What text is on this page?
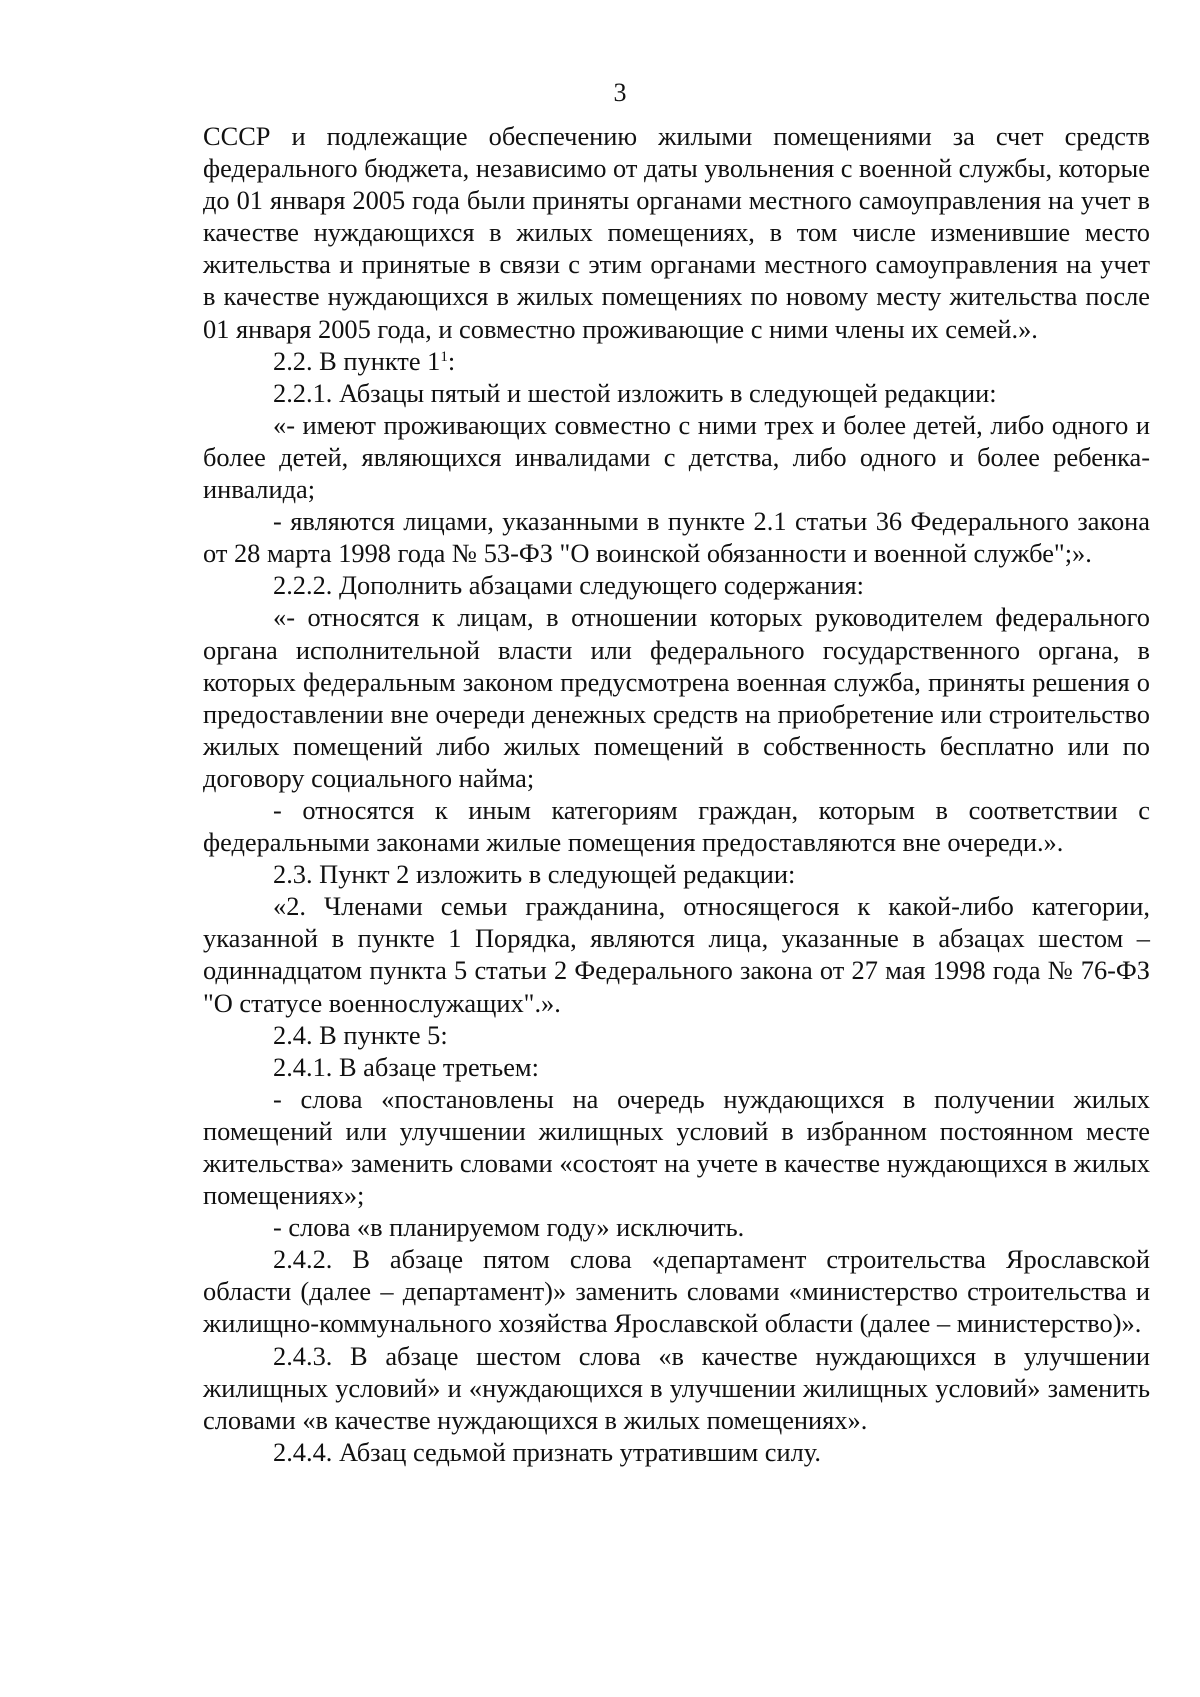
3

СССР и подлежащие обеспечению жилыми помещениями за счет средств федерального бюджета, независимо от даты увольнения с военной службы, которые до 01 января 2005 года были приняты органами местного самоуправления на учет в качестве нуждающихся в жилых помещениях, в том числе изменившие место жительства и принятые в связи с этим органами местного самоуправления на учет в качестве нуждающихся в жилых помещениях по новому месту жительства после 01 января 2005 года, и совместно проживающие с ними члены их семей.».

2.2. В пункте $1^1$:

2.2.1. Абзацы пятый и шестой изложить в следующей редакции:

«- имеют проживающих совместно с ними трех и более детей, либо одного и более детей, являющихся инвалидами с детства, либо одного и более ребенка-инвалида;

- являются лицами, указанными в пункте 2.1 статьи 36 Федерального закона от 28 марта 1998 года № 53-ФЗ "О воинской обязанности и военной службе";».

2.2.2. Дополнить абзацами следующего содержания:

«- относятся к лицам, в отношении которых руководителем федерального органа исполнительной власти или федерального государственного органа, в которых федеральным законом предусмотрена военная служба, приняты решения о предоставлении вне очереди денежных средств на приобретение или строительство жилых помещений либо жилых помещений в собственность бесплатно или по договору социального найма;

- относятся к иным категориям граждан, которым в соответствии с федеральными законами жилые помещения предоставляются вне очереди.».

2.3. Пункт 2 изложить в следующей редакции:

«2. Членами семьи гражданина, относящегося к какой-либо категории, указанной в пункте 1 Порядка, являются лица, указанные в абзацах шестом – одиннадцатом пункта 5 статьи 2 Федерального закона от 27 мая 1998 года № 76-ФЗ "О статусе военнослужащих".».

2.4. В пункте 5:

2.4.1. В абзаце третьем:

- слова «постановлены на очередь нуждающихся в получении жилых помещений или улучшении жилищных условий в избранном постоянном месте жительства» заменить словами «состоят на учете в качестве нуждающихся в жилых помещениях»;

- слова «в планируемом году» исключить.

2.4.2. В абзаце пятом слова «департамент строительства Ярославской области (далее – департамент)» заменить словами «министерство строительства и жилищно-коммунального хозяйства Ярославской области (далее – министерство)».

2.4.3. В абзаце шестом слова «в качестве нуждающихся в улучшении жилищных условий» и «нуждающихся в улучшении жилищных условий» заменить словами «в качестве нуждающихся в жилых помещениях».

2.4.4. Абзац седьмой признать утратившим силу.
